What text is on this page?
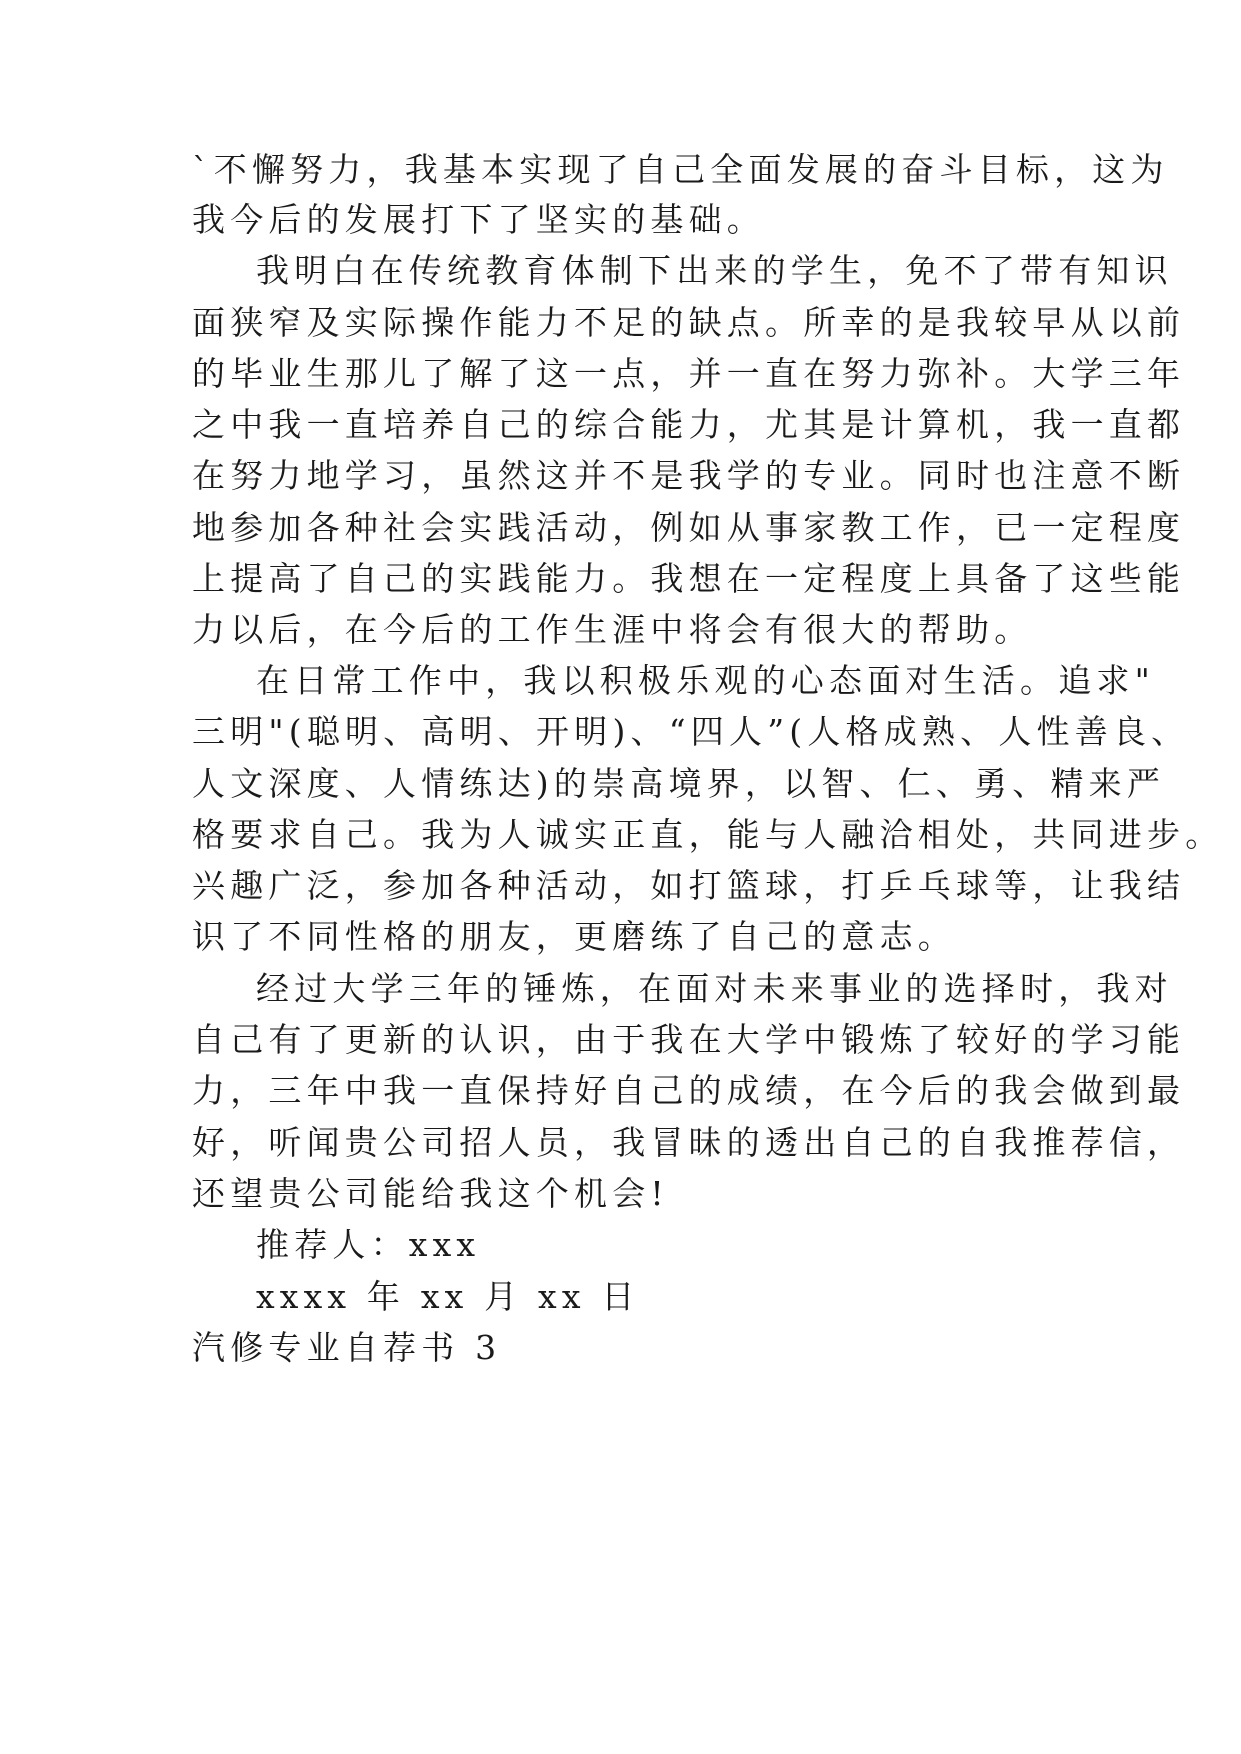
`不懈努力，我基本实现了自己全面发展的奋斗目标，这为
我今后的发展打下了坚实的基础。
我明白在传统教育体制下出来的学生，免不了带有知识
面狭窄及实际操作能力不足的缺点。所幸的是我较早从以前
的毕业生那儿了解了这一点，并一直在努力弥补。大学三年
之中我一直培养自己的综合能力，尤其是计算机，我一直都
在努力地学习，虽然这并不是我学的专业。同时也注意不断
地参加各种社会实践活动，例如从事家教工作，已一定程度
上提高了自己的实践能力。我想在一定程度上具备了这些能
力以后，在今后的工作生涯中将会有很大的帮助。
在日常工作中，我以积极乐观的心态面对生活。追求"
三明"(聪明、高明、开明)、“四人”(人格成熟、人性善良、
人文深度、人情练达)的崇高境界，以智、仁、勇、精来严
格要求自己。我为人诚实正直，能与人融洽相处，共同进步。
兴趣广泛，参加各种活动，如打篮球，打乒乓球等，让我结
识了不同性格的朋友，更磨练了自己的意志。
经过大学三年的锤炼，在面对未来事业的选择时，我对
自己有了更新的认识，由于我在大学中锻炼了较好的学习能
力，三年中我一直保持好自己的成绩，在今后的我会做到最
好，听闻贵公司招人员，我冒昧的透出自己的自我推荐信，
还望贵公司能给我这个机会!
推荐人：xxx
xxxx 年 xx 月 xx 日
汽修专业自荐书 3
